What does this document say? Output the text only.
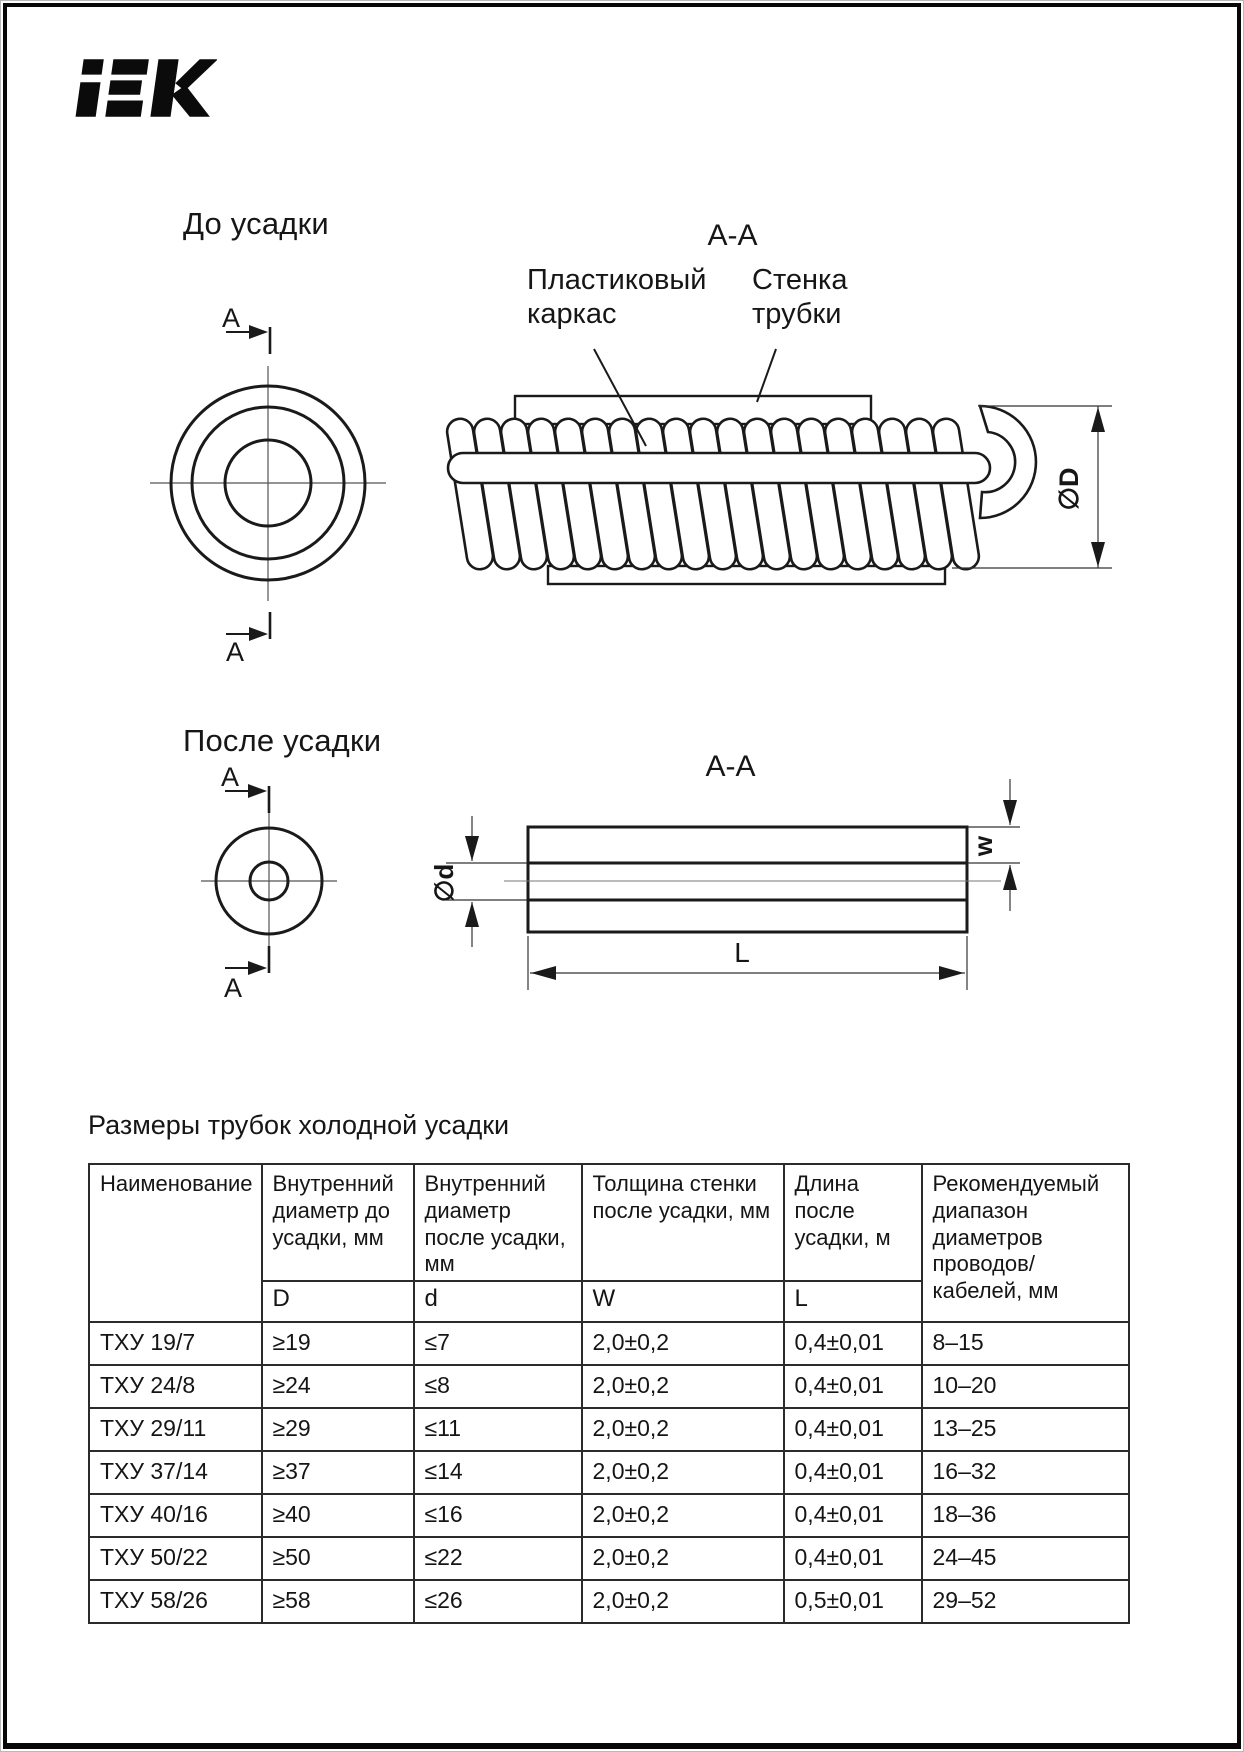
А
А
∅D
А
А
∅d
w
L
До усадки	А-А
Пластиковый каркас
Стенка трубки
После усадки
А-А
Размеры трубок холодной усадки
Наименование	Внутренний диаметр до усадки, мм	Внутренний диаметр после усадки, мм	Толщина стенки после усадки, мм	Длина после усадки, м	Рекомендуемый диапазон диаметров проводов/кабелей, мм
	D	d	W	L	
ТХУ 19/7	≥19	≤7	2,0±0,2	0,4±0,01	8–15
ТХУ 24/8	≥24	≤8	2,0±0,2	0,4±0,01	10–20
ТХУ 29/11	≥29	≤11	2,0±0,2	0,4±0,01	13–25
ТХУ 37/14	≥37	≤14	2,0±0,2	0,4±0,01	16–32
ТХУ 40/16	≥40	≤16	2,0±0,2	0,4±0,01	18–36
ТХУ 50/22	≥50	≤22	2,0±0,2	0,4±0,01	24–45
ТХУ 58/26	≥58	≤26	2,0±0,2	0,5±0,01	29–52
